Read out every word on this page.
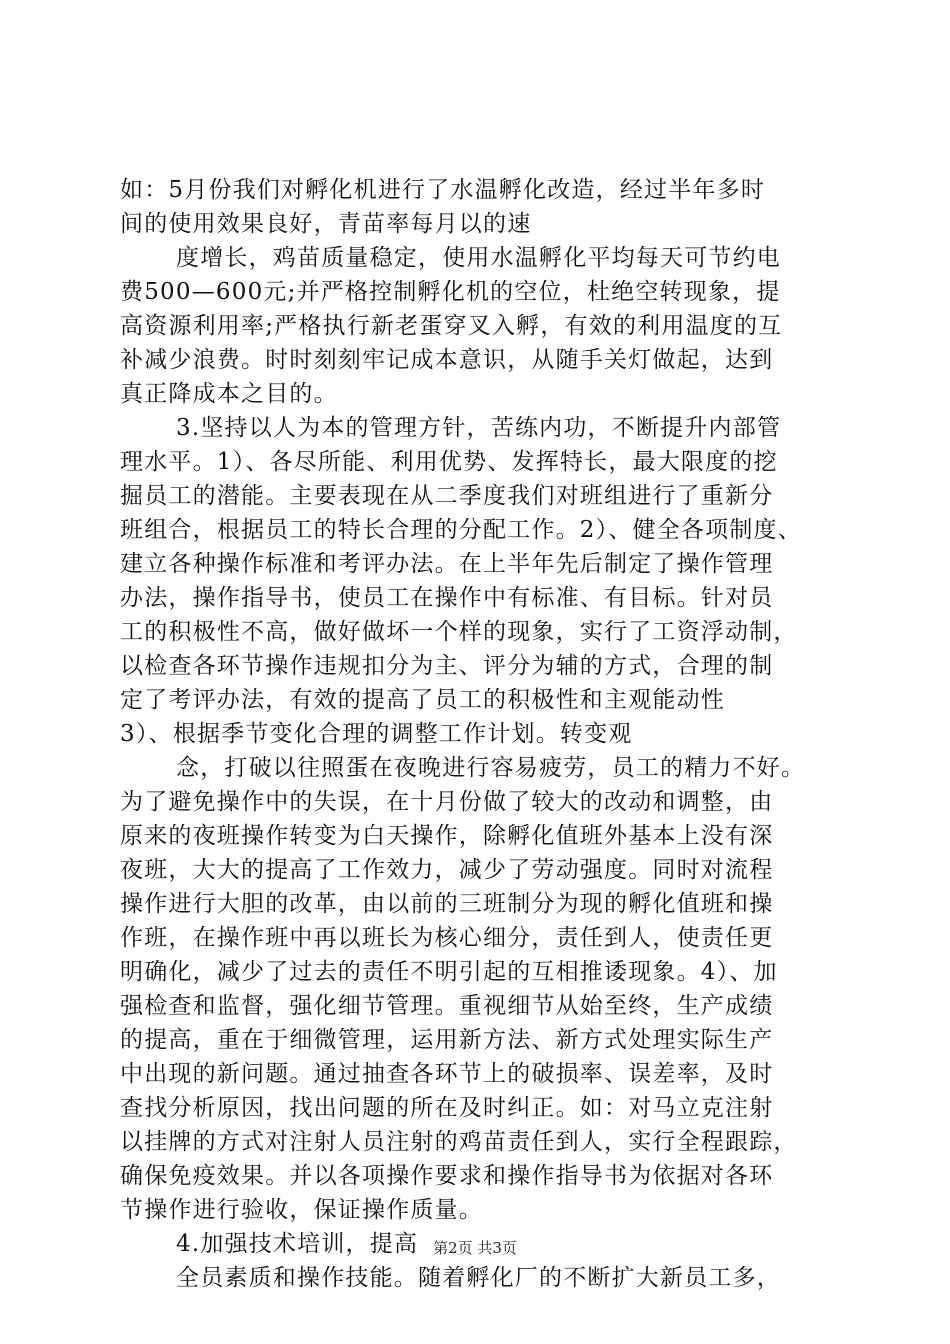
如：5月份我们对孵化机进行了水温孵化改造，经过半年多时
间的使用效果良好，青苗率每月以的速
度增长，鸡苗质量稳定，使用水温孵化平均每天可节约电
费500—600元;并严格控制孵化机的空位，杜绝空转现象，提
高资源利用率;严格执行新老蛋穿叉入孵，有效的利用温度的互
补减少浪费。时时刻刻牢记成本意识，从随手关灯做起，达到
真正降成本之目的。
3.坚持以人为本的管理方针，苦练内功，不断提升内部管
理水平。1）、各尽所能、利用优势、发挥特长，最大限度的挖
掘员工的潜能。主要表现在从二季度我们对班组进行了重新分
班组合，根据员工的特长合理的分配工作。2）、健全各项制度、
建立各种操作标准和考评办法。在上半年先后制定了操作管理
办法，操作指导书，使员工在操作中有标准、有目标。针对员
工的积极性不高，做好做坏一个样的现象，实行了工资浮动制，
以检查各环节操作违规扣分为主、评分为辅的方式，合理的制
定了考评办法，有效的提高了员工的积极性和主观能动性
3）、根据季节变化合理的调整工作计划。转变观
念，打破以往照蛋在夜晚进行容易疲劳，员工的精力不好。
为了避免操作中的失误，在十月份做了较大的改动和调整，由
原来的夜班操作转变为白天操作，除孵化值班外基本上没有深
夜班，大大的提高了工作效力，减少了劳动强度。同时对流程
操作进行大胆的改革，由以前的三班制分为现的孵化值班和操
作班，在操作班中再以班长为核心细分，责任到人，使责任更
明确化，减少了过去的责任不明引起的互相推诿现象。4）、加
强检查和监督，强化细节管理。重视细节从始至终，生产成绩
的提高，重在于细微管理，运用新方法、新方式处理实际生产
中出现的新问题。通过抽查各环节上的破损率、误差率，及时
查找分析原因，找出问题的所在及时纠正。如：对马立克注射
以挂牌的方式对注射人员注射的鸡苗责任到人，实行全程跟踪，
确保免疫效果。并以各项操作要求和操作指导书为依据对各环
节操作进行验收，保证操作质量。
4.加强技术培训，提高
全员素质和操作技能。随着孵化厂的不断扩大新员工多，
第2页 共3页
